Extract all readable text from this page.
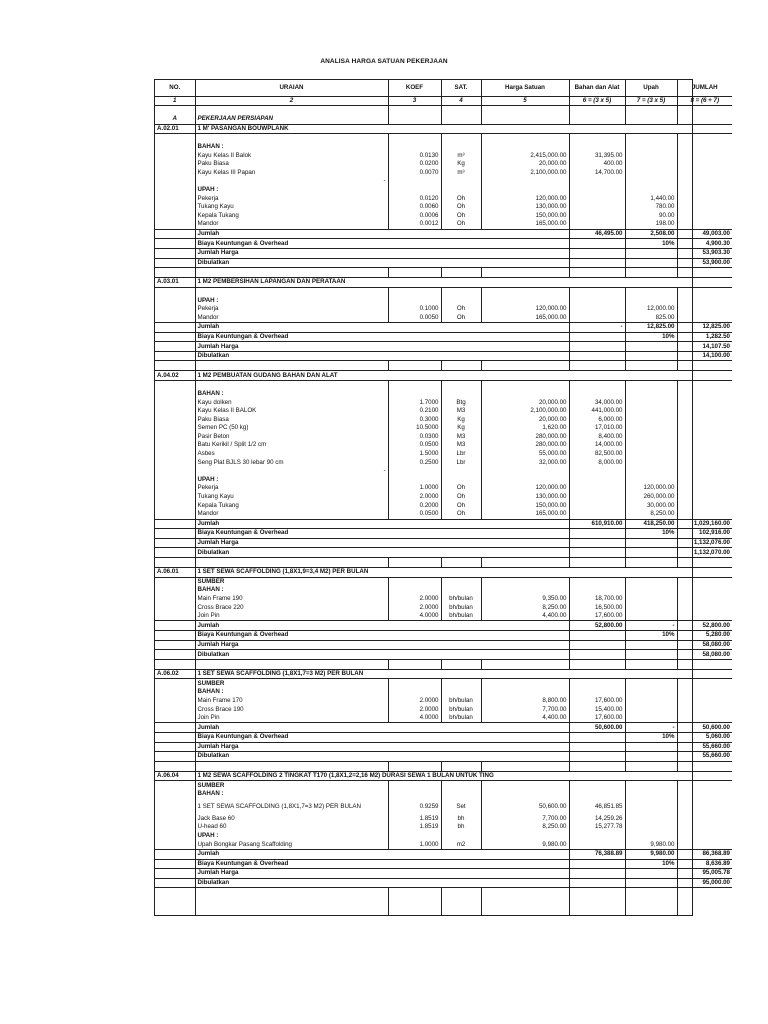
ANALISA HARGA SATUAN PEKERJAAN
NO.	URAIAN	KOEF	SAT.	Harga Satuan	Bahan dan Alat	Upah	JUMLAH
1	2	3	4	5	6 = (3 x 5)	7 = (3 x 5)	8 = (6 + 7)

A	PEKERJAAN PERSIAPAN						
A.02.01	1 M' PASANGAN BOUWPLANK						

	BAHAN :						
	Kayu Kelas II Balok	0.0130	m³	2,415,000.00	31,395.00		
	Paku Biasa	0.0200	Kg	20,000.00	400.00		
	Kayu Kelas III Papan	0.0070	m³	2,100,000.00	14,700.00		
	-						
	UPAH :						
	Pekerja	0.0120	Oh	120,000.00		1,440.00	
	Tukang Kayu	0.0060	Oh	130,000.00		780.00	
	Kepala Tukang	0.0006	Oh	150,000.00		90.00	
	Mandor	0.0012	Oh	165,000.00		198.00	
	Jumlah				46,495.00	2,508.00	49,003.00
	Biaya Keuntungan & Overhead					10%	4,900.30
	Jumlah Harga						53,903.30
	Dibulatkan						53,900.00

A.03.01	1 M2 PEMBERSIHAN LAPANGAN DAN PERATAAN						

	UPAH :						
	Pekerja	0.1000	Oh	120,000.00		12,000.00	
	Mandor	0.0050	Oh	165,000.00		825.00	
	Jumlah				-	12,825.00	12,825.00
	Biaya Keuntungan & Overhead					10%	1,282.50
	Jumlah Harga						14,107.50
	Dibulatkan						14,100.00

A.04.02	1 M2 PEMBUATAN GUDANG BAHAN DAN ALAT						

	BAHAN :						
	Kayu dolken	1.7000	Btg	20,000.00	34,000.00		
	Kayu Kelas II BALOK	0.2100	M3	2,100,000.00	441,000.00		
	Paku Biasa	0.3000	Kg	20,000.00	6,000.00		
	Semen PC (50 kg)	10.5000	Kg	1,620.00	17,010.00		
	Pasir Beton	0.0300	M3	280,000.00	8,400.00		
	Batu Kerikil / Split 1/2 cm	0.0500	M3	280,000.00	14,000.00		
	Asbes	1.5000	Lbr	55,000.00	82,500.00		
	Seng Plat BJLS 30 lebar 90 cm	0.2500	Lbr	32,000.00	8,000.00		
	-						
	UPAH :						
	Pekerja	1.0000	Oh	120,000.00		120,000.00	
	Tukang Kayu	2.0000	Oh	130,000.00		260,000.00	
	Kepala Tukang	0.2000	Oh	150,000.00		30,000.00	
	Mandor	0.0500	Oh	165,000.00		8,250.00	
	Jumlah				610,910.00	418,250.00	1,029,160.00
	Biaya Keuntungan & Overhead					10%	102,916.00
	Jumlah Harga						1,132,076.00
	Dibulatkan						1,132,070.00

A.06.01	1 SET SEWA SCAFFOLDING (1,8X1,9=3,4 M2) PER BULAN						
	SUMBER						
	BAHAN :						
	Main Frame 190	2.0000	bh/bulan	9,350.00	18,700.00		
	Cross Brace 220	2.0000	bh/bulan	8,250.00	16,500.00		
	Join Pin	4.0000	bh/bulan	4,400.00	17,600.00		
	Jumlah				52,800.00	-	52,800.00
	Biaya Keuntungan & Overhead					10%	5,280.00
	Jumlah Harga						58,080.00
	Dibulatkan						58,080.00

A.06.02	1 SET SEWA SCAFFOLDING (1,8X1,7=3 M2) PER BULAN						
	SUMBER						
	BAHAN :						
	Main Frame 170	2.0000	bh/bulan	8,800.00	17,600.00		
	Cross Brace 190	2.0000	bh/bulan	7,700.00	15,400.00		
	Join Pin	4.0000	bh/bulan	4,400.00	17,600.00		
	Jumlah				50,600.00	-	50,600.00
	Biaya Keuntungan & Overhead					10%	5,060.00
	Jumlah Harga						55,660.00
	Dibulatkan						55,660.00

A.06.04	1 M2 SEWA SCAFFOLDING 2 TINGKAT T170 (1,8X1,2=2,16 M2) DURASI SEWA 1 BULAN UNTUK TING						
	SUMBER						
	BAHAN :						
	1 SET SEWA SCAFFOLDING (1,8X1,7=3 M2) PER BULAN	0.9259	Set	50,600.00	46,851.85		
	Jack Base 60	1.8519	bh	7,700.00	14,259.26		
	U-head 60	1.8519	bh	8,250.00	15,277.78		
	UPAH :						
	Upah Bongkar Pasang Scaffolding	1.0000	m2	9,980.00		9,980.00	
	Jumlah				76,388.89	9,980.00	86,368.89
	Biaya Keuntungan & Overhead					10%	8,636.89
	Jumlah Harga						95,005.78
	Dibulatkan						95,000.00
